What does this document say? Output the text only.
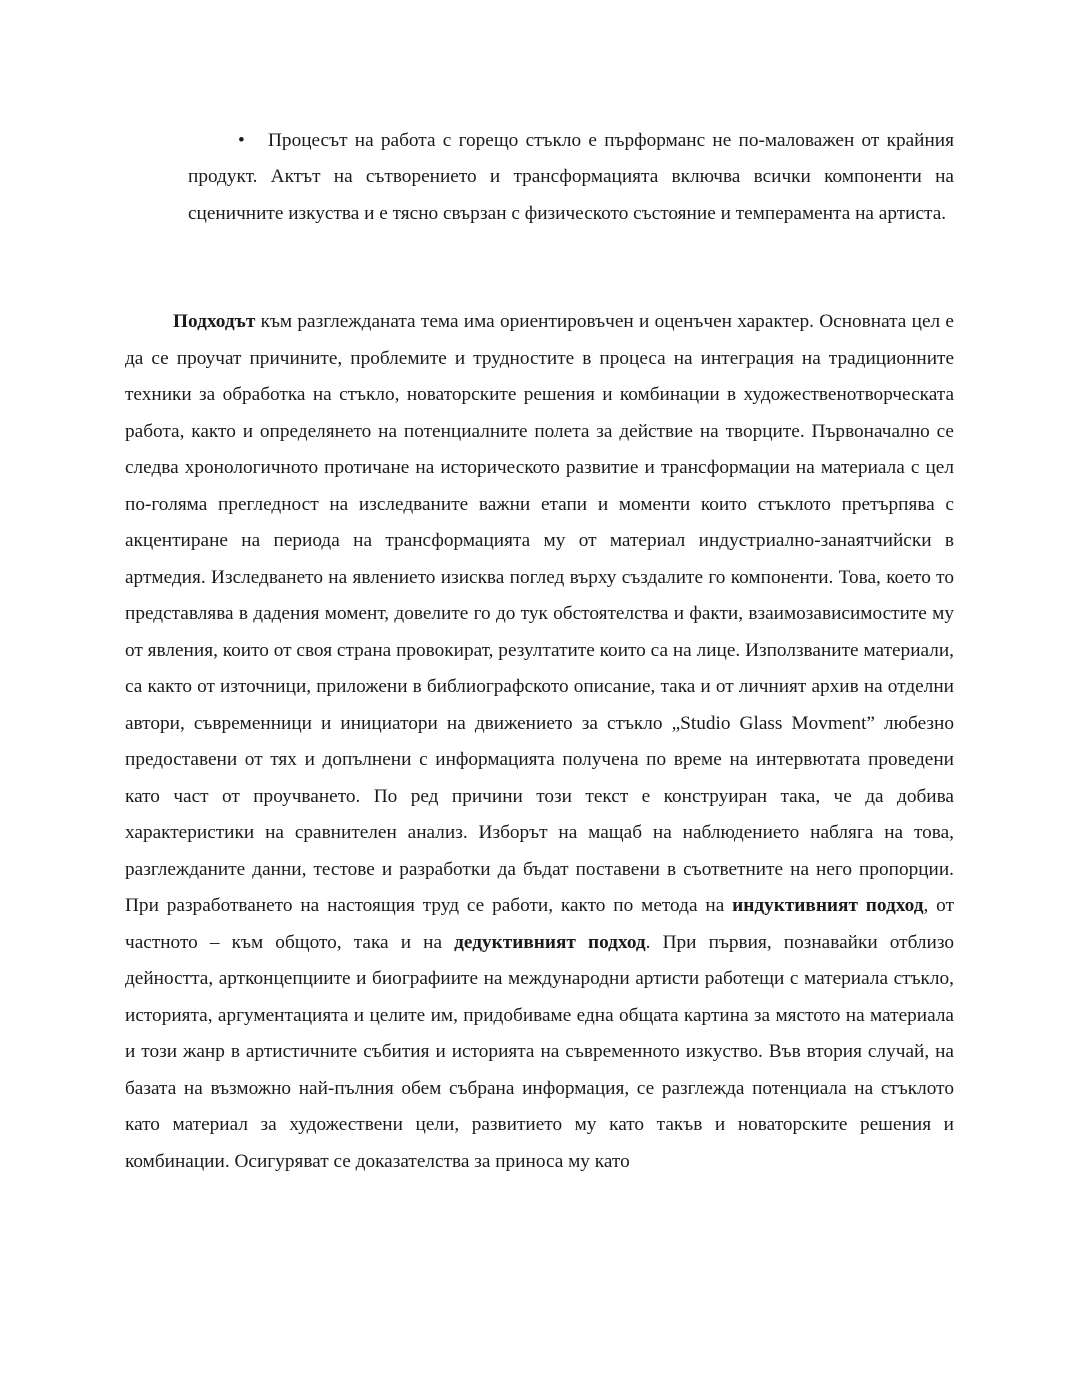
• Процесът на работа с горещо стъкло е пърформанс не по-маловажен от крайния продукт. Актът на сътворението и трансформацията включва всички компоненти на сценичните изкуства и е тясно свързан с физическото състояние и темперамента на артиста.

Подходът към разглежданата тема има ориентировъчен и оценъчен характер. Основната цел е да се проучат причините, проблемите и трудностите в процеса на интеграция на традиционните техники за обработка на стъкло, новаторските решения и комбинации в художественотворческата работа, както и определянето на потенциалните полета за действие на творците. Първоначално се следва хронологичното протичане на историческото развитие и трансформации на материала с цел по-голяма прегледност на изследваните важни етапи и моменти които стъклото претърпява с акцентиране на периода на трансформацията му от материал индустриално-занаятчийски в артмедия. Изследването на явлението изисква поглед върху създалите го компоненти. Това, което то представлява в дадения момент, довелите го до тук обстоятелства и факти, взаимозависимостите му от явления, които от своя страна провокират, резултатите които са на лице. Използваните материали, са както от източници, приложени в библиографското описание, така и от личният архив на отделни автори, съвременници и инициатори на движението за стъкло „Studio Glass Movment” любезно предоставени от тях и допълнени с информацията получена по време на интервютата проведени като част от проучването. По ред причини този текст е конструиран така, че да добива характеристики на сравнителен анализ. Изборът на мащаб на наблюдението набляга на това, разглежданите данни, тестове и разработки да бъдат поставени в съответните на него пропорции. При разработването на настоящия труд се работи, както по метода на индуктивният подход, от частното – към общото, така и на дедуктивният подход. При първия, познавайки отблизо дейността, артконцепциите и биографиите на международни артисти работещи с материала стъкло, историята, аргументацията и целите им, придобиваме една общата картина за мястото на материала и този жанр в артистичните събития и историята на съвременното изкуство. Във втория случай, на базата на възможно най-пълния обем събрана информация, се разглежда потенциала на стъклото като материал за художествени цели, развитието му като такъв и новаторските решения и комбинации. Осигуряват се доказателства за приноса му като
